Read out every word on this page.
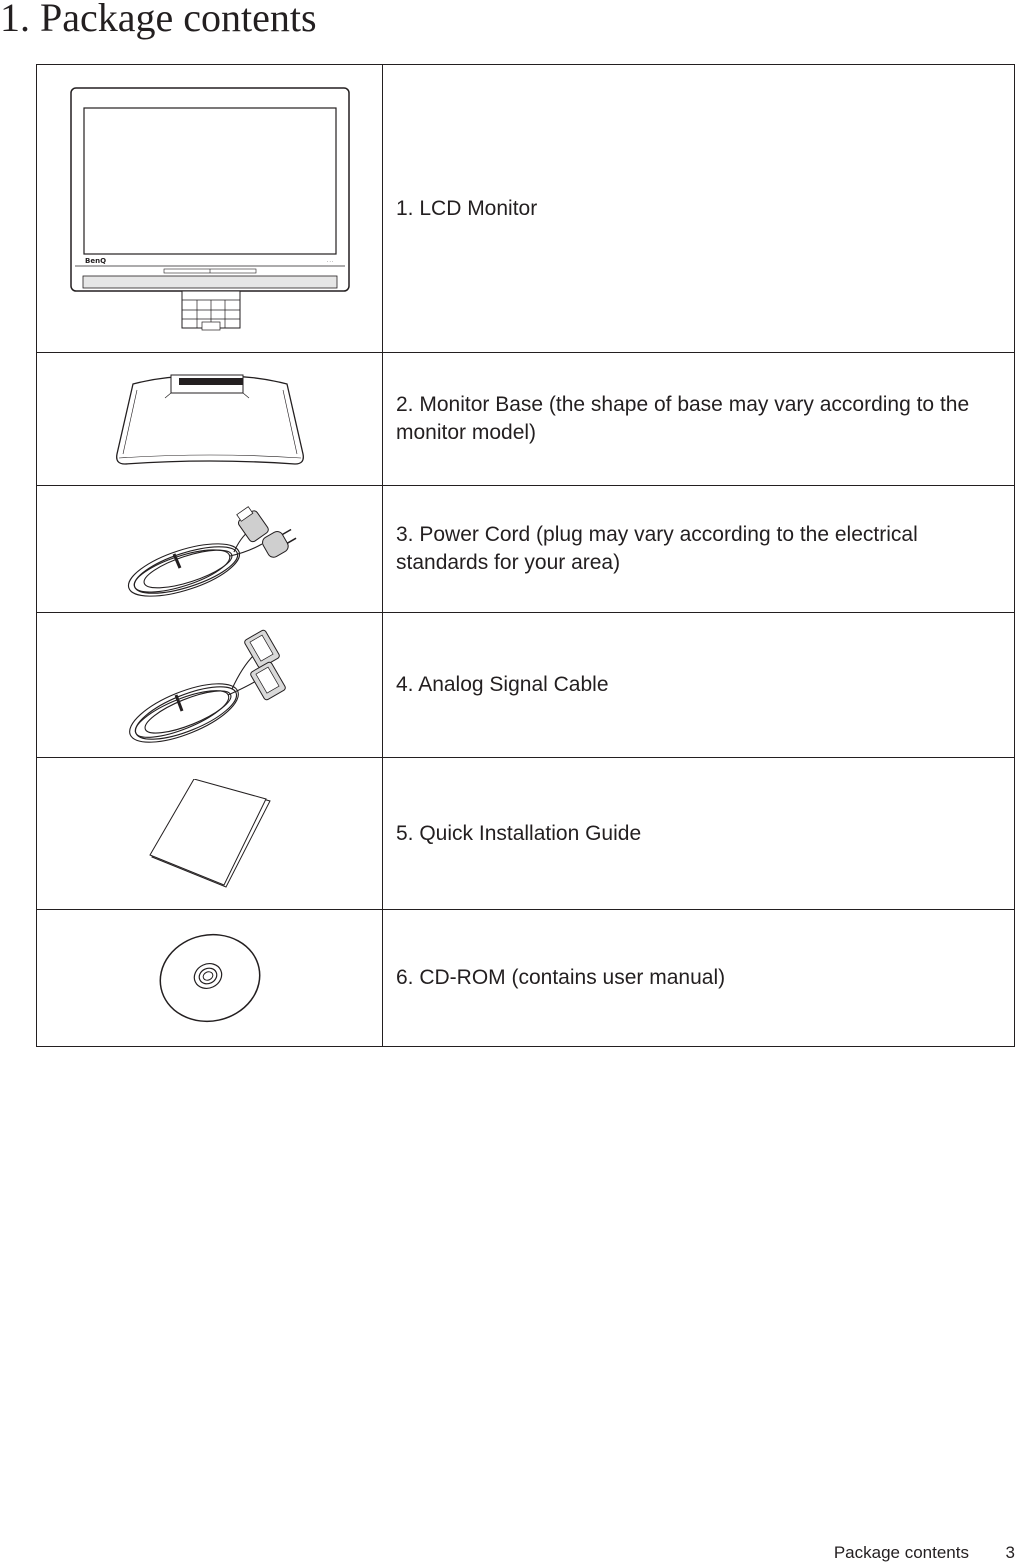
1. Package contents
BenQ · · ·	1. LCD Monitor

	2. Monitor Base (the shape of base may vary according to the monitor model)

	3. Power Cord (plug may vary according to the electrical standards for your area)

	4. Analog Signal Cable

	5. Quick Installation Guide

	6. CD-ROM (contains user manual)
Package contents 3
